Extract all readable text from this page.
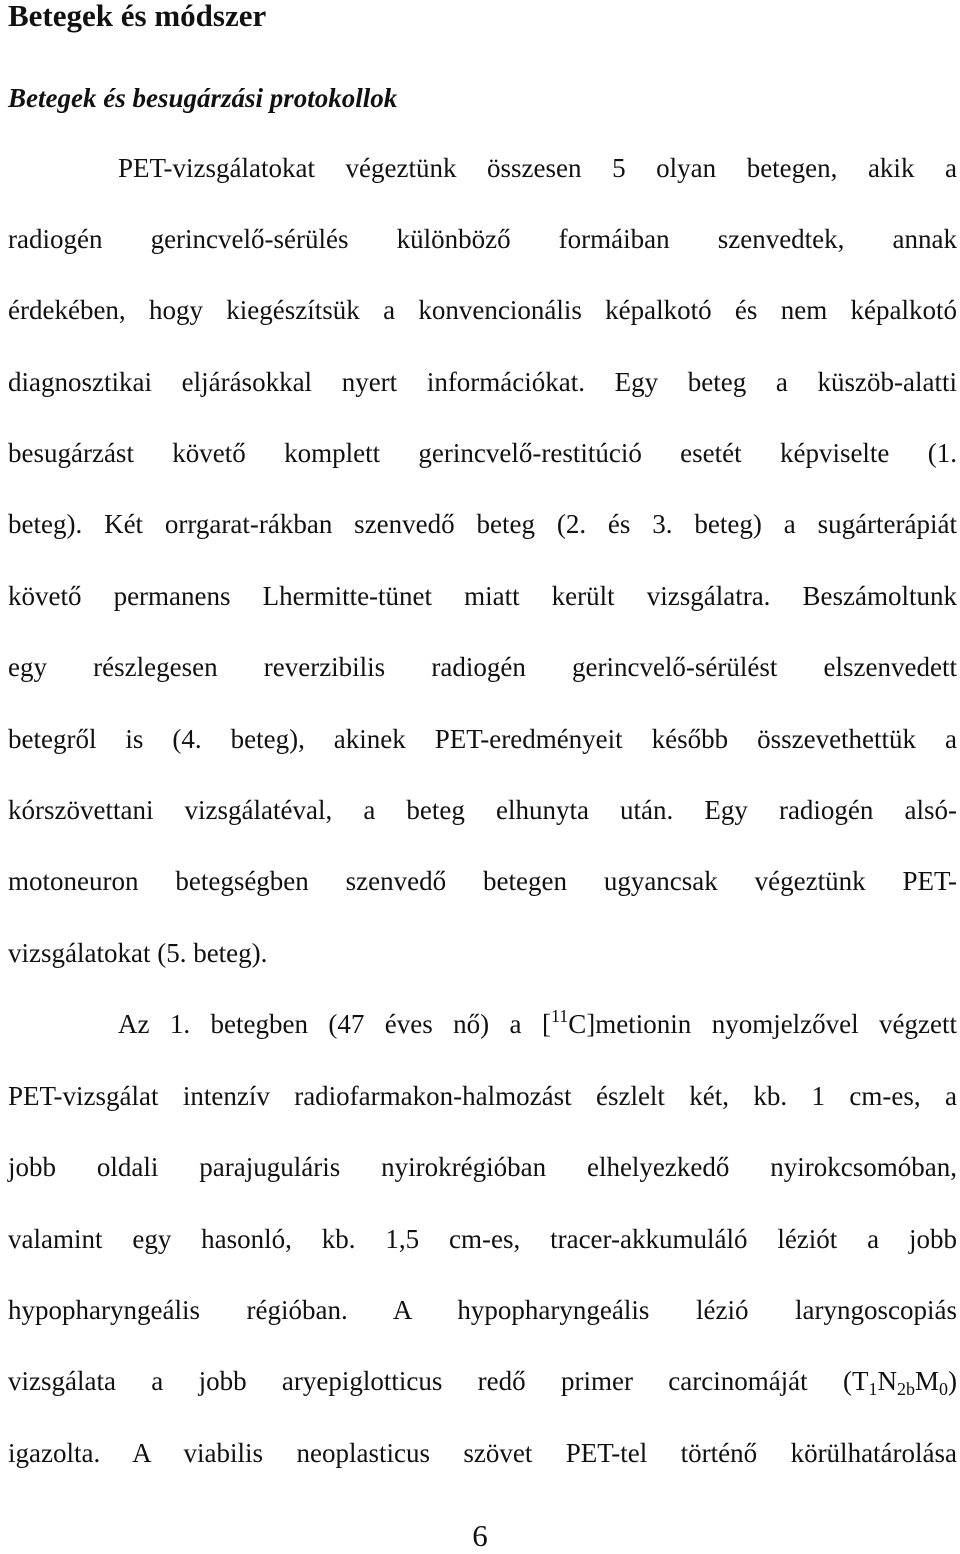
Betegek és módszer
Betegek és besugárzási protokollok

PET-vizsgálatokat végeztünk összesen 5 olyan betegen, akik a

radiogén gerincvelő-sérülés különböző formáiban szenvedtek, annak

érdekében, hogy kiegészítsük a konvencionális képalkotó és nem képalkotó

diagnosztikai eljárásokkal nyert információkat. Egy beteg a küszöb-alatti

besugárzást követő komplett gerincvelő-restitúció esetét képviselte (1.

beteg). Két orrgarat-rákban szenvedő beteg (2. és 3. beteg) a sugárterápiát

követő permanens Lhermitte-tünet miatt került vizsgálatra. Beszámoltunk

egy részlegesen reverzibilis radiogén gerincvelő-sérülést elszenvedett

betegről is (4. beteg), akinek PET-eredményeit később összevethettük a

kórszövettani vizsgálatéval, a beteg elhunyta után. Egy radiogén alsó-

motoneuron betegségben szenvedő betegen ugyancsak végeztünk PET-

vizsgálatokat (5. beteg).

Az 1. betegben (47 éves nő) a [$^{11}$C]metionin nyomjelzővel végzett

PET-vizsgálat intenzív radiofarmakon-halmozást észlelt két, kb. 1 cm-es, a

jobb oldali parajuguláris nyirokrégióban elhelyezkedő nyirokcsomóban,

valamint egy hasonló, kb. 1,5 cm-es, tracer-akkumuláló léziót a jobb

hypopharyngeális régióban. A hypopharyngeális lézió laryngoscopiás

vizsgálata a jobb aryepiglotticus redő primer carcinomáját $(T_1N_{2b}M_0)$

igazolta. A viabilis neoplasticus szövet PET-tel történő körülhatárolása

6
